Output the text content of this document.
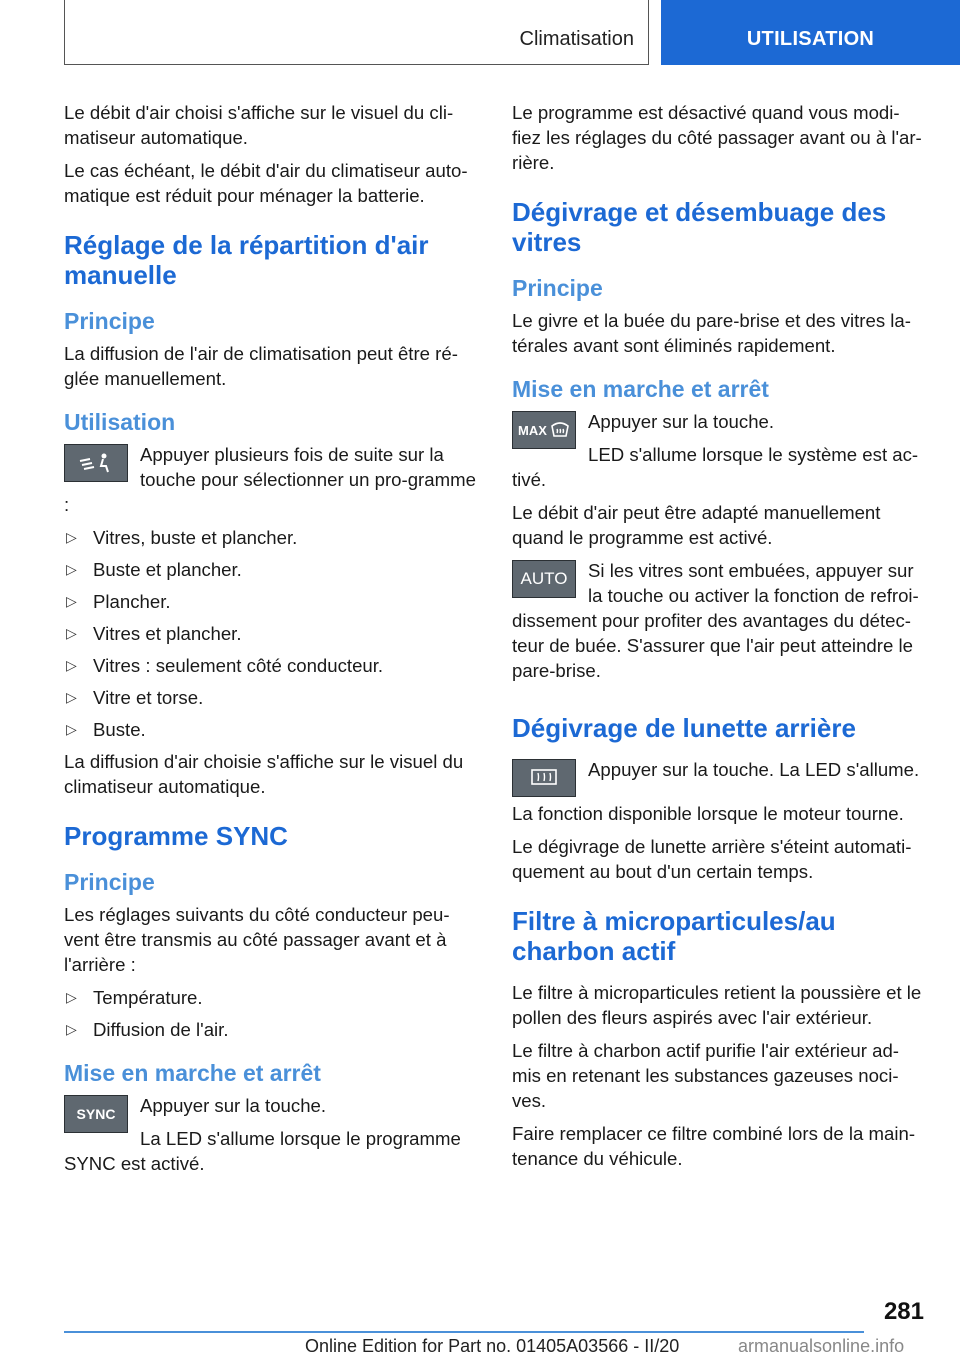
Climatisation	UTILISATION

Le débit d'air choisi s'affiche sur le visuel du cli-matiseur automatique.

Le cas échéant, le débit d'air du climatiseur auto-matique est réduit pour ménager la batterie.

Réglage de la répartition d'air manuelle
Principe

La diffusion de l'air de climatisation peut être ré-glée manuellement.

Utilisation

Appuyer plusieurs fois de suite sur la touche pour sélectionner un pro-gramme :

▷ Vitres, buste et plancher.
▷ Buste et plancher.
▷ Plancher.
▷ Vitres et plancher.
▷ Vitres : seulement côté conducteur.
▷ Vitre et torse.
▷ Buste.

La diffusion d'air choisie s'affiche sur le visuel du climatiseur automatique.

Programme SYNC
Principe

Les réglages suivants du côté conducteur peu-vent être transmis au côté passager avant et à l'arrière :

▷ Température.
▷ Diffusion de l'air.
Mise en marche et arrêt
SYNC	Appuyer sur la touche.

La LED s'allume lorsque le programme SYNC est activé.

Le programme est désactivé quand vous modi-fiez les réglages du côté passager avant ou à l'ar-rière.

Dégivrage et désembuage des vitres
Principe

Le givre et la buée du pare-brise et des vitres la-térales avant sont éliminés rapidement.

Mise en marche et arrêt
MAX	Appuyer sur la touche.

LED s'allume lorsque le système est ac-tivé.

Le débit d'air peut être adapté manuellement quand le programme est activé.

AUTO	Si les vitres sont embuées, appuyer sur la touche ou activer la fonction de refroi-dissement pour profiter des avantages du détec-teur de buée. S'assurer que l'air peut atteindre le pare-brise.

Dégivrage de lunette arrière

Appuyer sur la touche. La LED s'allume.

La fonction disponible lorsque le moteur tourne.

Le dégivrage de lunette arrière s'éteint automati-quement au bout d'un certain temps.

Filtre à microparticules/au charbon actif

Le filtre à microparticules retient la poussière et le pollen des fleurs aspirés avec l'air extérieur.

Le filtre à charbon actif purifie l'air extérieur ad-mis en retenant les substances gazeuses noci-ves.

Faire remplacer ce filtre combiné lors de la main-tenance du véhicule.

281
Online Edition for Part no. 01405A03566 - II/20	armanualsonline.info
